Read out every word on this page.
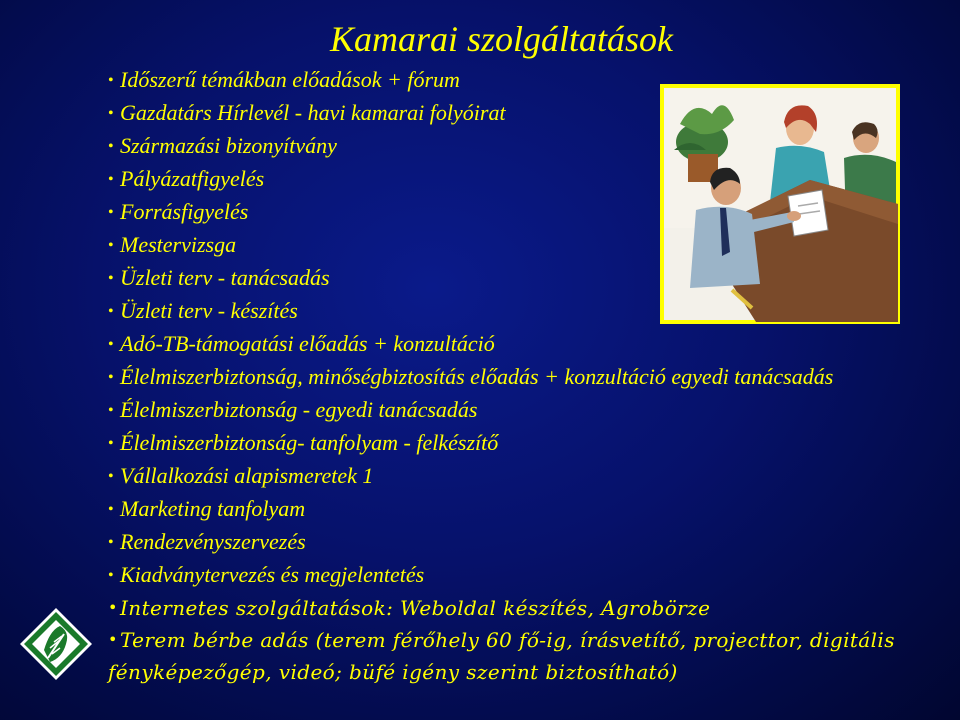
Kamarai szolgáltatások
• Időszerű témákban előadások + fórum
• Gazdatárs Hírlevél - havi kamarai folyóirat
• Származási bizonyítvány
• Pályázatfigyelés
• Forrásfigyelés
• Mestervizsga
• Üzleti terv - tanácsadás
• Üzleti terv - készítés
• Adó-TB-támogatási előadás + konzultáció
• Élelmiszerbiztonság, minőségbiztosítás előadás + konzultáció egyedi tanácsadás
• Élelmiszerbiztonság - egyedi tanácsadás
• Élelmiszerbiztonság- tanfolyam - felkészítő
• Vállalkozási alapismeretek 1
• Marketing tanfolyam
• Rendezvényszervezés
• Kiadványtervezés és megjelentetés
• Internetes szolgáltatások: Weboldal készítés, Agrobörze
• Terem bérbe adás (terem férőhely 60 fő-ig, írásvetítő, projecttor, digitális fényképezőgép, videó; büfé igény szerint biztosítható)
